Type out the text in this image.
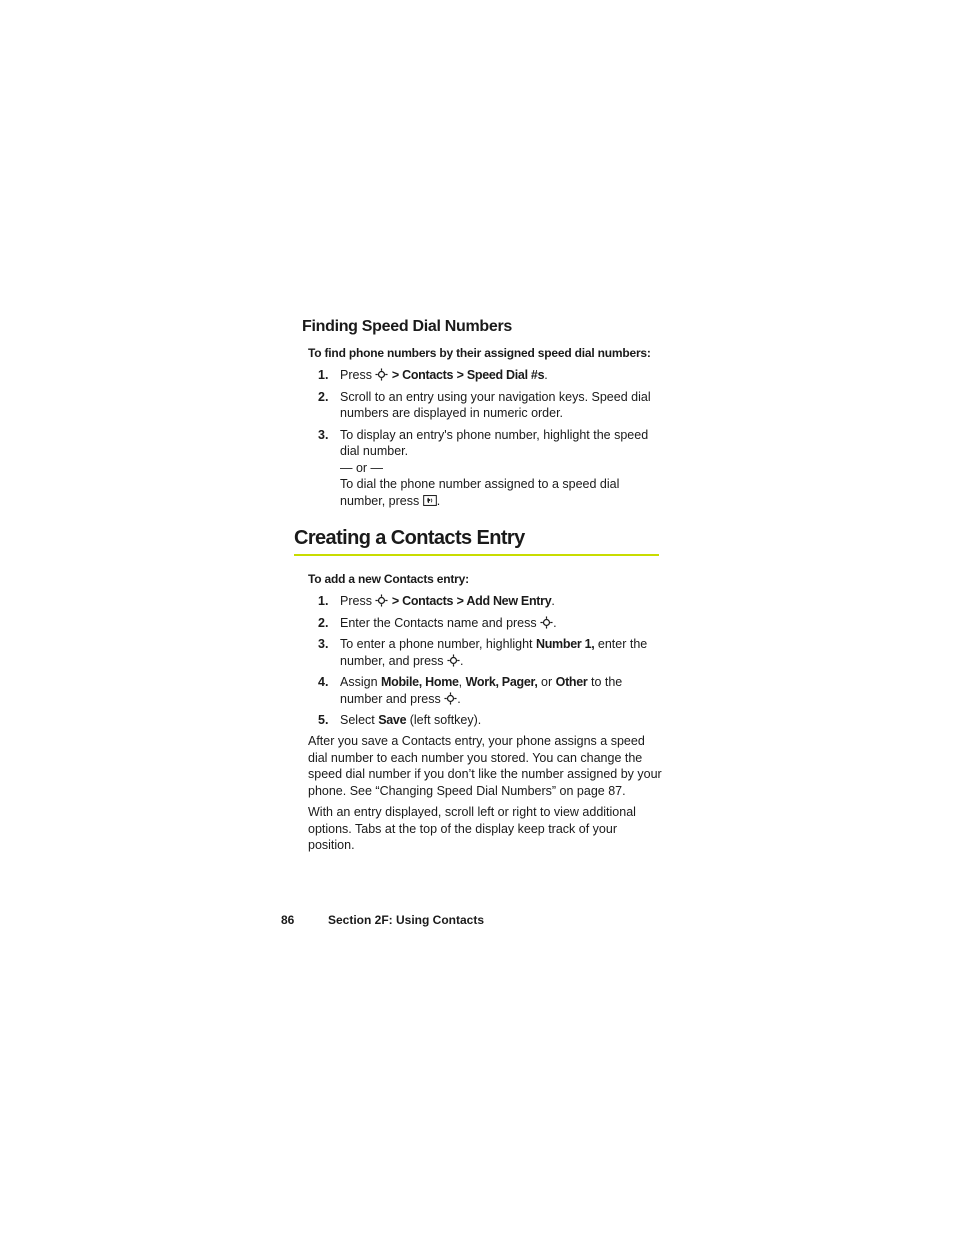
Finding Speed Dial Numbers
To find phone numbers by their assigned speed dial numbers:
1. Press > Contacts > Speed Dial #s.
2. Scroll to an entry using your navigation keys. Speed dial numbers are displayed in numeric order.
3. To display an entry's phone number, highlight the speed dial number.
— or —
To dial the phone number assigned to a speed dial number, press .
Creating a Contacts Entry
To add a new Contacts entry:
1. Press > Contacts > Add New Entry.
2. Enter the Contacts name and press .
3. To enter a phone number, highlight Number 1, enter the number, and press .
4. Assign Mobile, Home, Work, Pager, or Other to the number and press .
5. Select Save (left softkey).
After you save a Contacts entry, your phone assigns a speed dial number to each number you stored. You can change the speed dial number if you don’t like the number assigned by your phone. See “Changing Speed Dial Numbers” on page 87.
With an entry displayed, scroll left or right to view additional options. Tabs at the top of the display keep track of your position.
86	Section 2F: Using Contacts
